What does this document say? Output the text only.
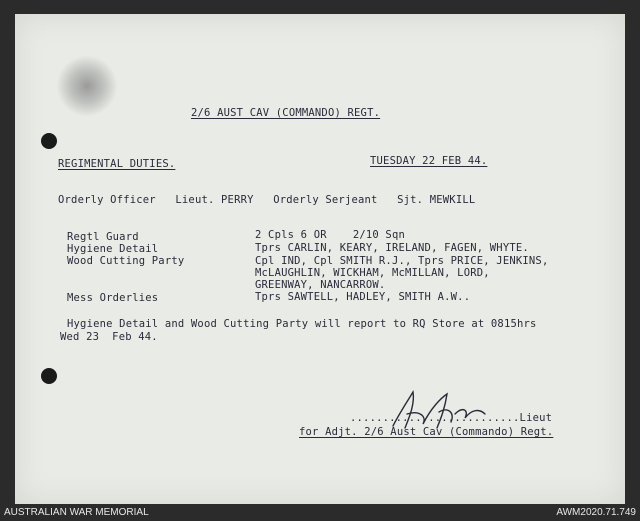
2/6 AUST CAV (COMMANDO) REGT.
REGIMENTAL DUTIES.	TUESDAY 22 FEB 44.
Orderly Officer   Lieut. PERRY   Orderly Serjeant   Sjt. MEWKILL
Regtl Guard	2 Cpls 6 OR    2/10 Sqn
Hygiene Detail	Tprs CARLIN, KEARY, IRELAND, FAGEN, WHYTE.
Wood Cutting Party	Cpl IND, Cpl SMITH R.J., Tprs PRICE, JENKINS,
McLAUGHLIN, WICKHAM, McMILLAN, LORD,
GREENWAY, NANCARROW.
Mess Orderlies	Tprs SAWTELL, HADLEY, SMITH A.W..
Hygiene Detail and Wood Cutting Party will report to RQ Store at 0815hrs
Wed 23  Feb 44.
..........................Lieut
for Adjt. 2/6 Aust Cav (Commando) Regt.
AUSTRALIAN WAR MEMORIAL	AWM2020.71.749
